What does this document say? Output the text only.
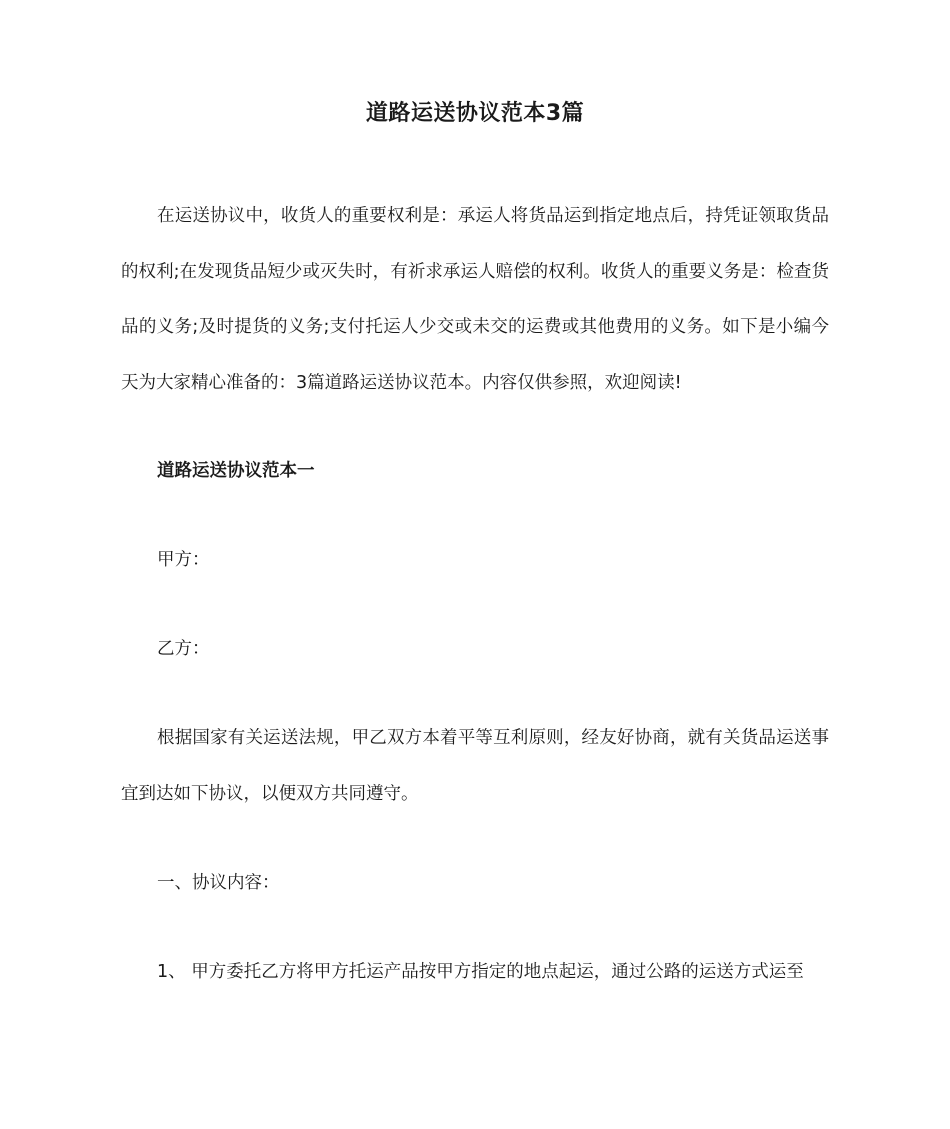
道路运送协议范本3篇

在运送协议中，收货人的重要权利是：承运人将货品运到指定地点后，持凭证领取货品的权利;在发现货品短少或灭失时，有祈求承运人赔偿的权利。收货人的重要义务是：检查货品的义务;及时提货的义务;支付托运人少交或未交的运费或其他费用的义务。如下是小编今天为大家精心准备的：3篇道路运送协议范本。内容仅供参照，欢迎阅读!

道路运送协议范本一

甲方：

乙方：

根据国家有关运送法规，甲乙双方本着平等互利原则，经友好协商，就有关货品运送事宜到达如下协议，以便双方共同遵守。

一、协议内容：

1、 甲方委托乙方将甲方托运产品按甲方指定的地点起运，通过公路的运送方式运至
